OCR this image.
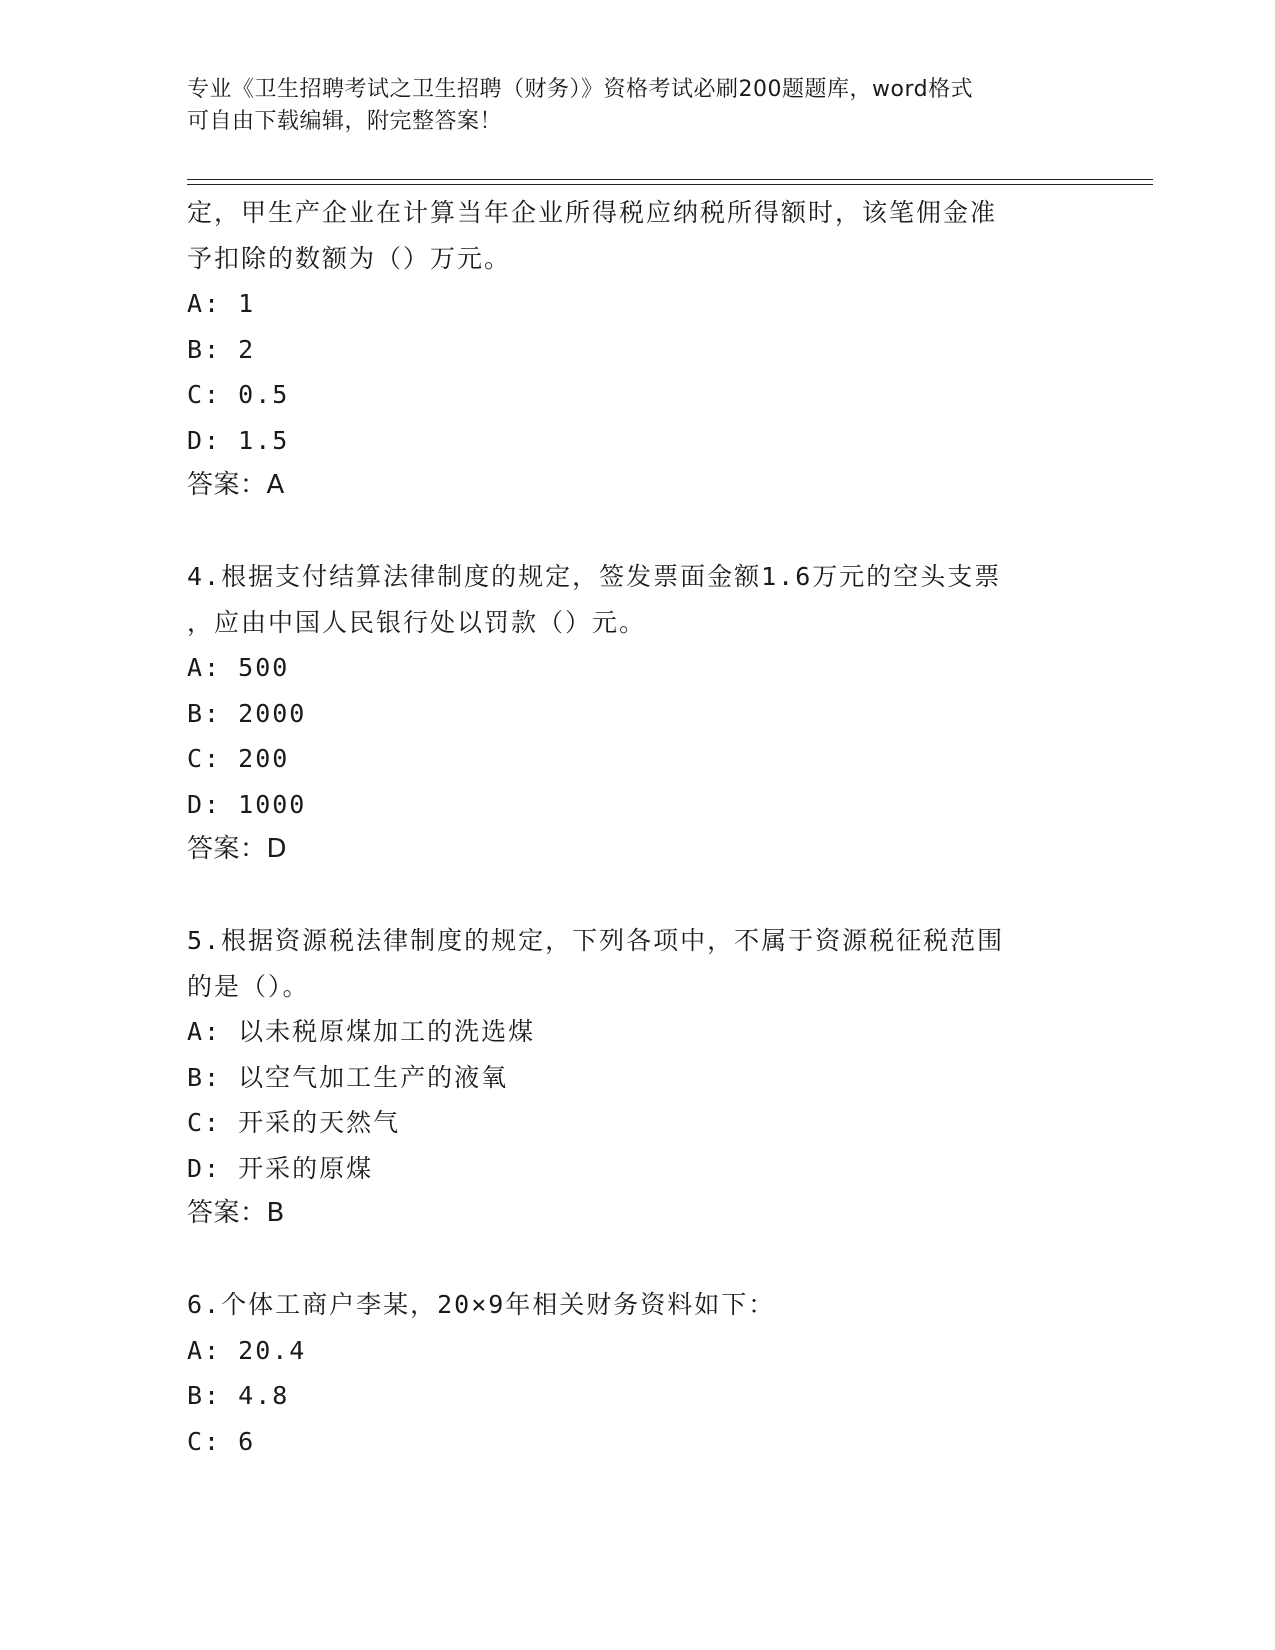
专业《卫生招聘考试之卫生招聘（财务）》资格考试必刷200题题库，word格式
可自由下载编辑，附完整答案！
定，甲生产企业在计算当年企业所得税应纳税所得额时，该笔佣金准
予扣除的数额为（）万元。
A: 1
B: 2
C: 0.5
D: 1.5
答案：A
4.根据支付结算法律制度的规定，签发票面金额1.6万元的空头支票
，应由中国人民银行处以罚款（）元。
A: 500
B: 2000
C: 200
D: 1000
答案：D
5.根据资源税法律制度的规定，下列各项中，不属于资源税征税范围
的是（）。
A: 以未税原煤加工的洗选煤
B: 以空气加工生产的液氧
C: 开采的天然气
D: 开采的原煤
答案：B
6.个体工商户李某，20×9年相关财务资料如下：
A: 20.4
B: 4.8
C: 6
